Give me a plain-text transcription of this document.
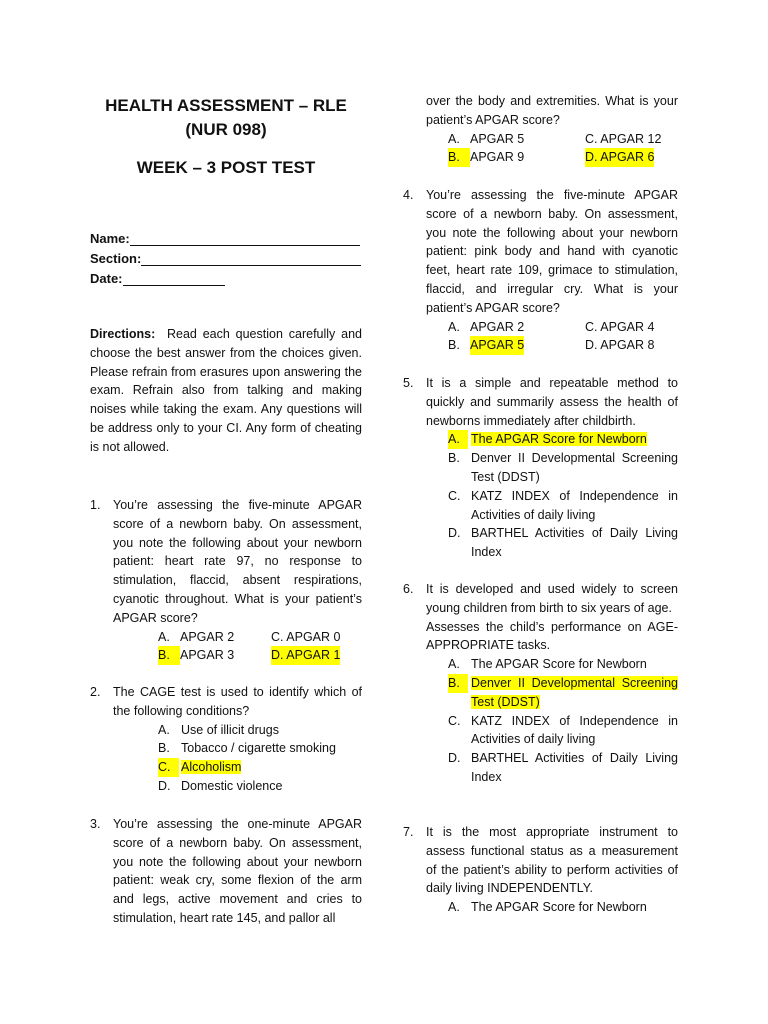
HEALTH ASSESSMENT – RLE
(NUR 098)
WEEK – 3 POST TEST
Name:
Section:
Date:
Directions: Read each question carefully and choose the best answer from the choices given. Please refrain from erasures upon answering the exam. Refrain also from talking and making noises while taking the exam. Any questions will be address only to your CI. Any form of cheating is not allowed.
1. You’re assessing the five-minute APGAR score of a newborn baby. On assessment, you note the following about your newborn patient: heart rate 97, no response to stimulation, flaccid, absent respirations, cyanotic throughout. What is your patient’s APGAR score?
A. APGAR 2	C. APGAR 0
B. APGAR 3	D. APGAR 1
2. The CAGE test is used to identify which of the following conditions?
A. Use of illicit drugs
B. Tobacco / cigarette smoking
C. Alcoholism
D. Domestic violence
3. You’re assessing the one-minute APGAR score of a newborn baby. On assessment, you note the following about your newborn patient: weak cry, some flexion of the arm and legs, active movement and cries to stimulation, heart rate 145, and pallor all
over the body and extremities. What is your patient’s APGAR score?
A. APGAR 5	C. APGAR 12
B. APGAR 9	D. APGAR 6
4. You’re assessing the five-minute APGAR score of a newborn baby. On assessment, you note the following about your newborn patient: pink body and hand with cyanotic feet, heart rate 109, grimace to stimulation, flaccid, and irregular cry. What is your patient’s APGAR score?
A. APGAR 2	C. APGAR 4
B. APGAR 5	D. APGAR 8
5. It is a simple and repeatable method to quickly and summarily assess the health of newborns immediately after childbirth.
A. The APGAR Score for Newborn
B. Denver II Developmental Screening Test (DDST)
C. KATZ INDEX of Independence in Activities of daily living
D. BARTHEL Activities of Daily Living Index
6. It is developed and used widely to screen young children from birth to six years of age.
Assesses the child’s performance on AGE-APPROPRIATE tasks.
A. The APGAR Score for Newborn
B. Denver II Developmental Screening Test (DDST)
C. KATZ INDEX of Independence in Activities of daily living
D. BARTHEL Activities of Daily Living Index
7. It is the most appropriate instrument to assess functional status as a measurement of the patient’s ability to perform activities of daily living INDEPENDENTLY.
A. The APGAR Score for Newborn
